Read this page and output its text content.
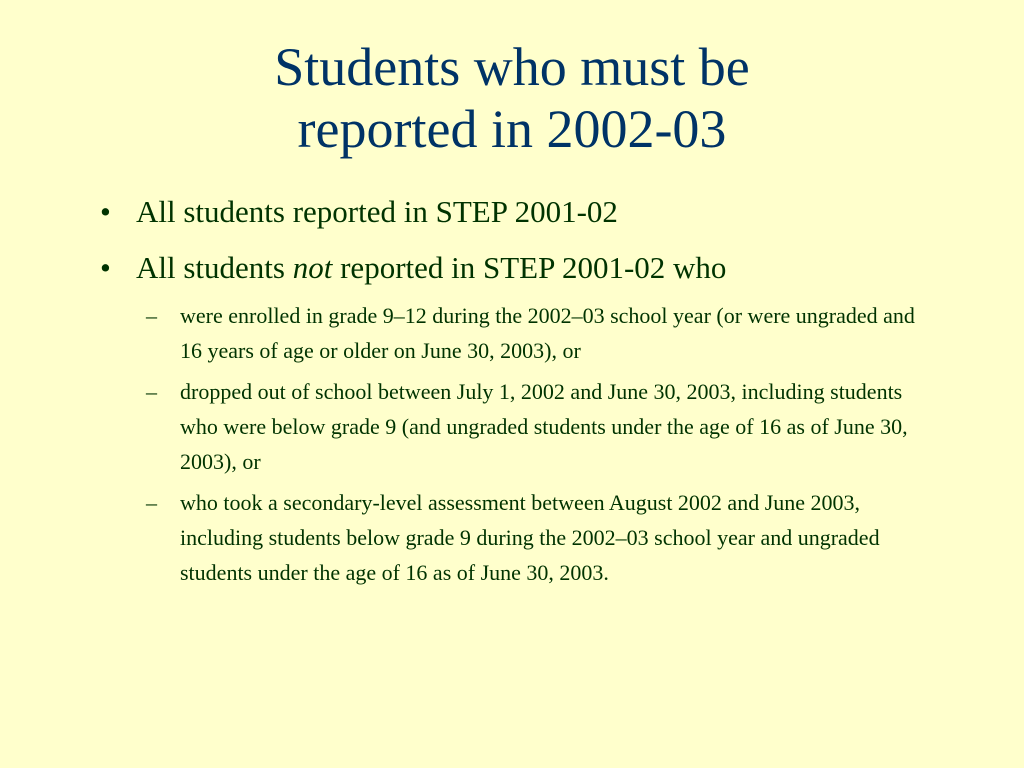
Students who must be
reported in 2002-03
• All students reported in STEP 2001-02
• All students not reported in STEP 2001-02 who
– were enrolled in grade 9–12 during the 2002–03 school year (or were ungraded and 16 years of age or older on June 30, 2003), or
– dropped out of school between July 1, 2002 and June 30, 2003, including students who were below grade 9 (and ungraded students under the age of 16 as of June 30, 2003), or
– who took a secondary-level assessment between August 2002 and June 2003, including students below grade 9 during the 2002–03 school year and ungraded students under the age of 16 as of June 30, 2003.
